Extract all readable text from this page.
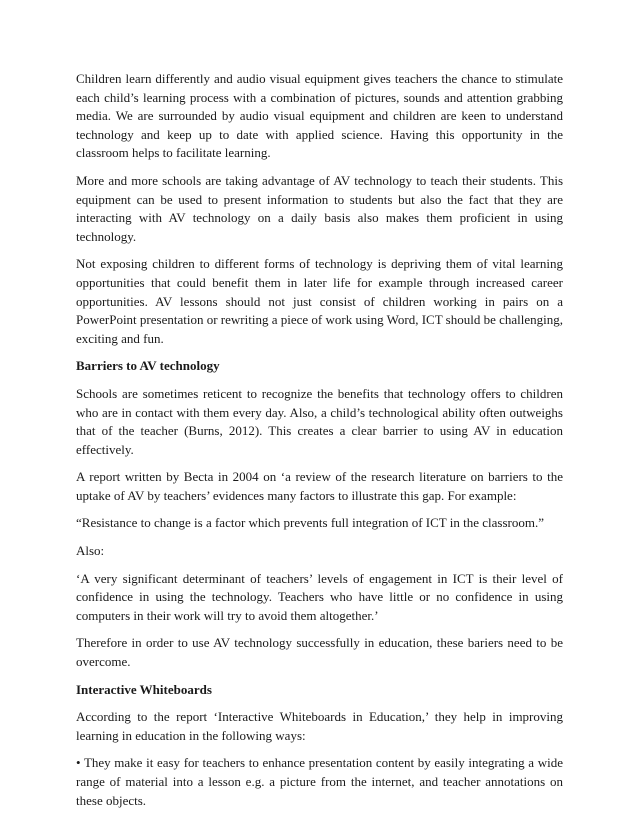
Children learn differently and audio visual equipment gives teachers the chance to stimulate each child’s learning process with a combination of pictures, sounds and attention grabbing media. We are surrounded by audio visual equipment and children are keen to understand technology and keep up to date with applied science. Having this opportunity in the classroom helps to facilitate learning.

More and more schools are taking advantage of AV technology to teach their students. This equipment can be used to present information to students but also the fact that they are interacting with AV technology on a daily basis also makes them proficient in using technology.

Not exposing children to different forms of technology is depriving them of vital learning opportunities that could benefit them in later life for example through increased career opportunities. AV lessons should not just consist of children working in pairs on a PowerPoint presentation or rewriting a piece of work using Word, ICT should be challenging, exciting and fun.

Barriers to AV technology

Schools are sometimes reticent to recognize the benefits that technology offers to children who are in contact with them every day. Also, a child’s technological ability often outweighs that of the teacher (Burns, 2012). This creates a clear barrier to using AV in education effectively.

A report written by Becta in 2004 on ‘a review of the research literature on barriers to the uptake of AV by teachers’ evidences many factors to illustrate this gap. For example:

“Resistance to change is a factor which prevents full integration of ICT in the classroom.”

Also:

‘A very significant determinant of teachers’ levels of engagement in ICT is their level of confidence in using the technology. Teachers who have little or no confidence in using computers in their work will try to avoid them altogether.’

Therefore in order to use AV technology successfully in education, these bariers need to be overcome.

Interactive Whiteboards

According to the report ‘Interactive Whiteboards in Education,’ they help in improving learning in education in the following ways:

• They make it easy for teachers to enhance presentation content by easily integrating a wide range of material into a lesson e.g. a picture from the internet, and teacher annotations on these objects.
